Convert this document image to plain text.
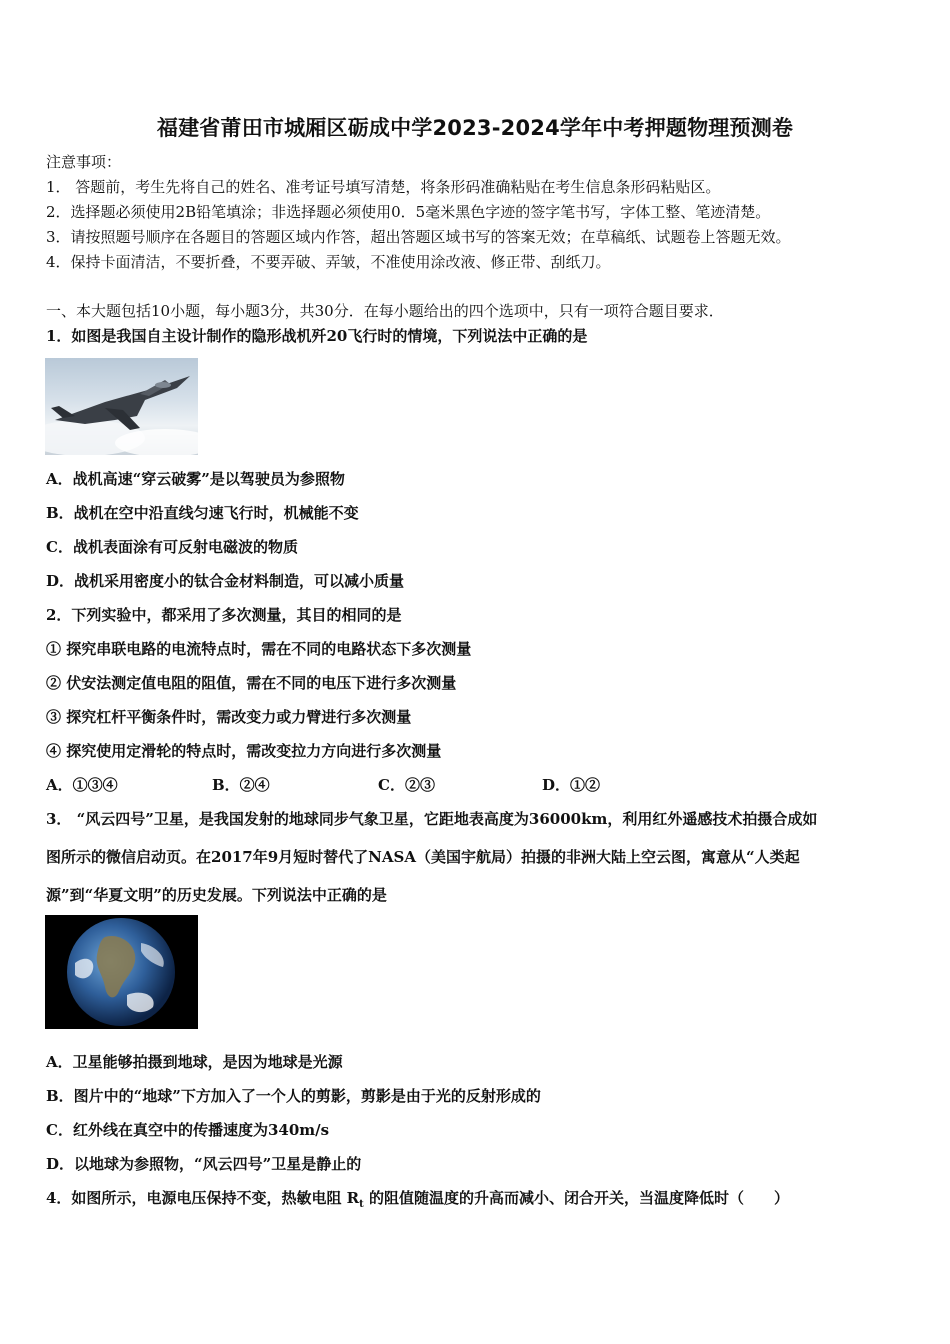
福建省莆田市城厢区砺成中学2023-2024学年中考押题物理预测卷
注意事项：
1． 答题前，考生先将自己的姓名、准考证号填写清楚，将条形码准确粘贴在考生信息条形码粘贴区。
2．选择题必须使用2B铅笔填涂；非选择题必须使用0．5毫米黑色字迹的签字笔书写，字体工整、笔迹清楚。
3．请按照题号顺序在各题目的答题区域内作答，超出答题区域书写的答案无效；在草稿纸、试题卷上答题无效。
4．保持卡面清洁，不要折叠，不要弄破、弄皱，不准使用涂改液、修正带、刮纸刀。
一、本大题包括10小题，每小题3分，共30分．在每小题给出的四个选项中，只有一项符合题目要求．
1．如图是我国自主设计制作的隐形战机歼20飞行时的情境，下列说法中正确的是
A．战机高速“穿云破雾”是以驾驶员为参照物
B．战机在空中沿直线匀速飞行时，机械能不变
C．战机表面涂有可反射电磁波的物质
D．战机采用密度小的钛合金材料制造，可以减小质量
2．下列实验中，都采用了多次测量，其目的相同的是
① 探究串联电路的电流特点时，需在不同的电路状态下多次测量
② 伏安法测定值电阻的阻值，需在不同的电压下进行多次测量
③ 探究杠杆平衡条件时，需改变力或力臂进行多次测量
④ 探究使用定滑轮的特点时，需改变拉力方向进行多次测量
A．①③④	B．②④	C．②③	D．①②
3． “风云四号”卫星，是我国发射的地球同步气象卫星，它距地表高度为36000km，利用红外遥感技术拍摄合成如
图所示的微信启动页。在2017年9月短时替代了NASA（美国宇航局）拍摄的非洲大陆上空云图，寓意从“人类起
源”到“华夏文明”的历史发展。下列说法中正确的是
A．卫星能够拍摄到地球，是因为地球是光源
B．图片中的“地球”下方加入了一个人的剪影，剪影是由于光的反射形成的
C．红外线在真空中的传播速度为340m/s
D．以地球为参照物，“风云四号”卫星是静止的
4．如图所示，电源电压保持不变，热敏电阻 $R_t$ 的阻值随温度的升高而减小、闭合开关，当温度降低时（　　）
